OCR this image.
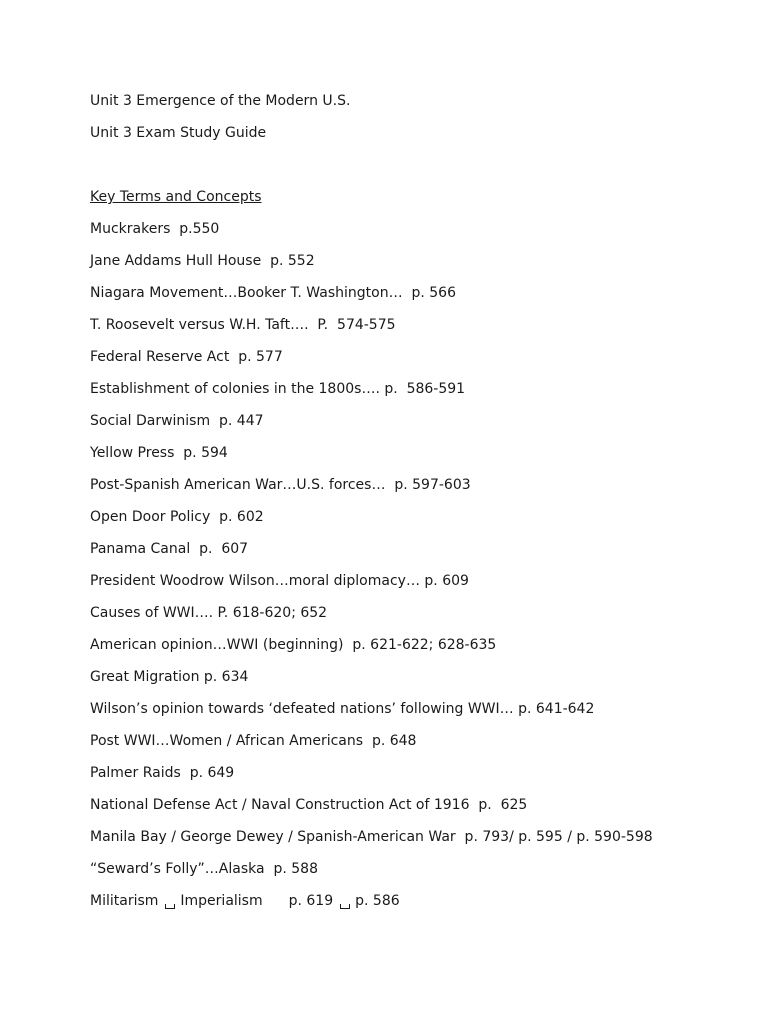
Unit 3 Emergence of the Modern U.S.
Unit 3 Exam Study Guide
Key Terms and Concepts
Muckrakers  p.550
Jane Addams Hull House  p. 552
Niagara Movement…Booker T. Washington…  p. 566
T. Roosevelt versus W.H. Taft….  P.  574-575
Federal Reserve Act  p. 577
Establishment of colonies in the 1800s…. p.  586-591
Social Darwinism  p. 447
Yellow Press  p. 594
Post-Spanish American War…U.S. forces…  p. 597-603
Open Door Policy  p. 602
Panama Canal  p.  607
President Woodrow Wilson…moral diplomacy… p. 609
Causes of WWI…. P. 618-620; 652
American opinion…WWI (beginning)  p. 621-622; 628-635
Great Migration p. 634
Wilson’s opinion towards ‘defeated nations’ following WWI… p. 641-642
Post WWI…Women / African Americans  p. 648
Palmer Raids  p. 649
National Defense Act / Naval Construction Act of 1916  p.  625
Manila Bay / George Dewey / Spanish-American War  p. 793/ p. 595 / p. 590-598
“Seward’s Folly”…Alaska  p. 588
Militarism Imperialism p. 619 p. 586
